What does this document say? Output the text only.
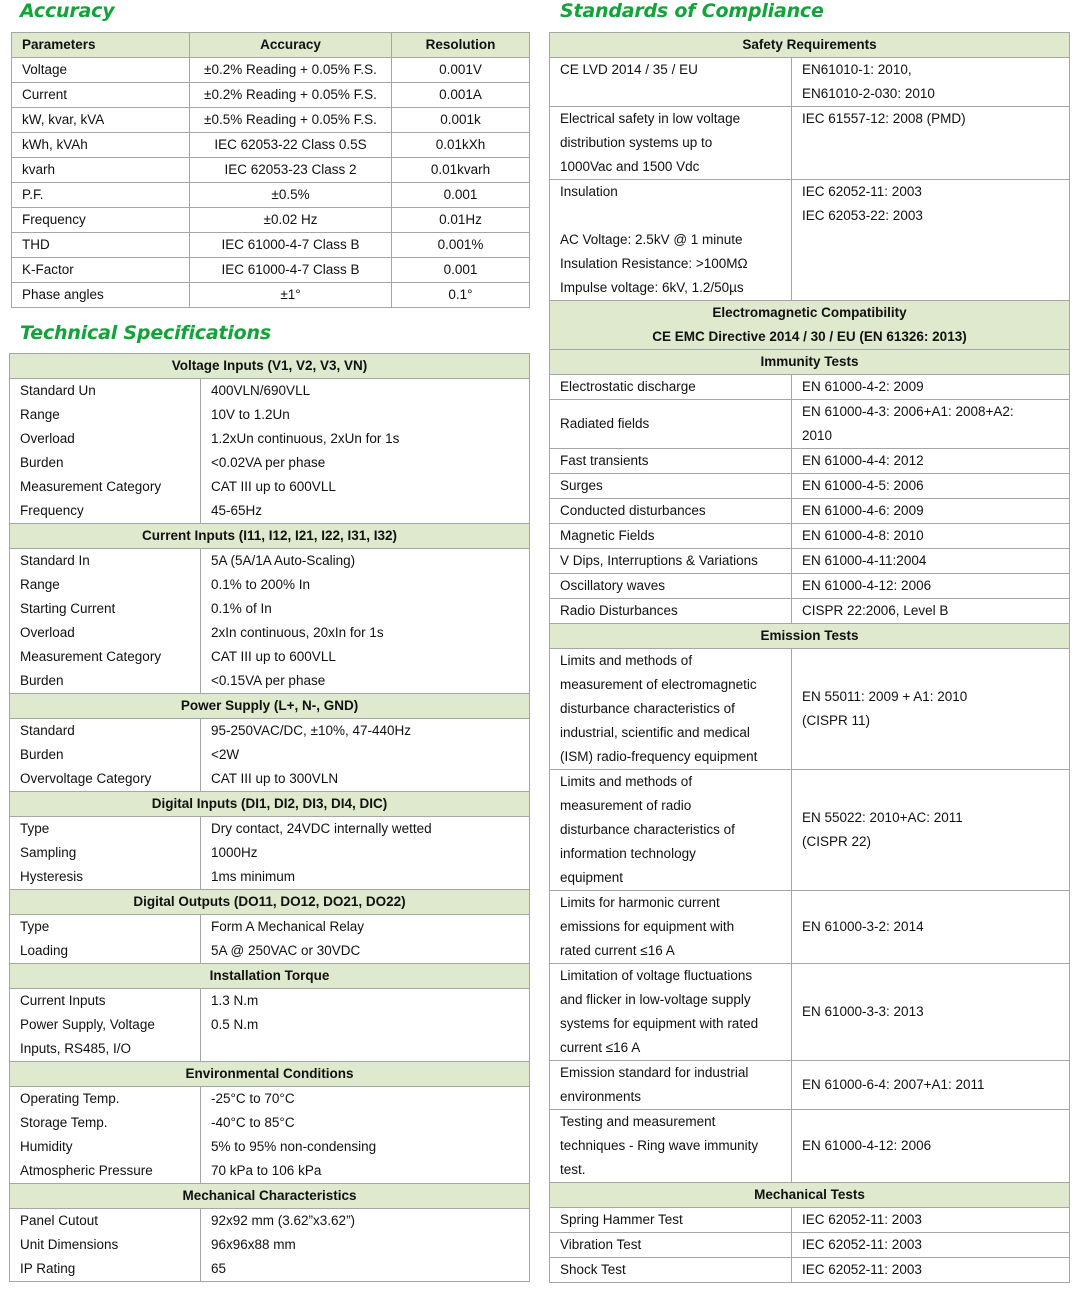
Accuracy
Parameters	Accuracy	Resolution
Voltage	±0.2% Reading + 0.05% F.S.	0.001V
Current	±0.2% Reading + 0.05% F.S.	0.001A
kW, kvar, kVA	±0.5% Reading + 0.05% F.S.	0.001k
kWh, kVAh	IEC 62053-22 Class 0.5S	0.01kXh
kvarh	IEC 62053-23 Class 2	0.01kvarh
P.F.	±0.5%	0.001
Frequency	±0.02 Hz	0.01Hz
THD	IEC 61000-4-7 Class B	0.001%
K-Factor	IEC 61000-4-7 Class B	0.001
Phase angles	±1°	0.1°
Technical Specifications
Voltage Inputs (V1, V2, V3, VN)	
Standard Un	400VLN/690VLL
Range	10V to 1.2Un
Overload	1.2xUn continuous, 2xUn for 1s
Burden	<0.02VA per phase
Measurement Category	CAT III up to 600VLL
Frequency	45-65Hz
Current Inputs (I11, I12, I21, I22, I31, I32)	
Standard In	5A (5A/1A Auto-Scaling)
Range	0.1% to 200% In
Starting Current	0.1% of In
Overload	2xIn continuous, 20xIn for 1s
Measurement Category	CAT III up to 600VLL
Burden	<0.15VA per phase
Power Supply (L+, N-, GND)	
Standard	95-250VAC/DC, ±10%, 47-440Hz
Burden	<2W
Overvoltage Category	CAT III up to 300VLN
Digital Inputs (DI1, DI2, DI3, DI4, DIC)	
Type	Dry contact, 24VDC internally wetted
Sampling	1000Hz
Hysteresis	1ms minimum
Digital Outputs (DO11, DO12, DO21, DO22)	
Type	Form A Mechanical Relay
Loading	5A @ 250VAC or 30VDC
Installation Torque	
Current Inputs	1.3 N.m
Power Supply, Voltage
Inputs, RS485, I/O	0.5 N.m
Environmental Conditions	
Operating Temp.	-25°C to 70°C
Storage Temp.	-40°C to 85°C
Humidity	5% to 95% non-condensing
Atmospheric Pressure	70 kPa to 106 kPa
Mechanical Characteristics	
Panel Cutout	92x92 mm (3.62”x3.62”)
Unit Dimensions	96x96x88 mm
IP Rating	65
Standards of Compliance
Safety Requirements	
CE LVD 2014 / 35 / EU	EN61010-1: 2010,
EN61010-2-030: 2010
Electrical safety in low voltage
distribution systems up to
1000Vac and 1500 Vdc	IEC 61557-12: 2008 (PMD)
Insulation

AC Voltage: 2.5kV @ 1 minute
Insulation Resistance: >100MΩ
Impulse voltage: 6kV, 1.2/50µs	IEC 62052-11: 2003
IEC 62053-22: 2003
Electromagnetic Compatibility
CE EMC Directive 2014 / 30 / EU (EN 61326: 2013)	
Immunity Tests	
Electrostatic discharge	EN 61000-4-2: 2009
Radiated fields	EN 61000-4-3: 2006+A1: 2008+A2:
2010
Fast transients	EN 61000-4-4: 2012
Surges	EN 61000-4-5: 2006
Conducted disturbances	EN 61000-4-6: 2009
Magnetic Fields	EN 61000-4-8: 2010
V Dips, Interruptions & Variations	EN 61000-4-11:2004
Oscillatory waves	EN 61000-4-12: 2006
Radio Disturbances	CISPR 22:2006, Level B
Emission Tests	
Limits and methods of
measurement of electromagnetic
disturbance characteristics of
industrial, scientific and medical
(ISM) radio-frequency equipment	EN 55011: 2009 + A1: 2010
(CISPR 11)
Limits and methods of
measurement of radio
disturbance characteristics of
information technology
equipment	EN 55022: 2010+AC: 2011
(CISPR 22)
Limits for harmonic current
emissions for equipment with
rated current ≤16 A	EN 61000-3-2: 2014
Limitation of voltage fluctuations
and flicker in low-voltage supply
systems for equipment with rated
current ≤16 A	EN 61000-3-3: 2013
Emission standard for industrial
environments	EN 61000-6-4: 2007+A1: 2011
Testing and measurement
techniques - Ring wave immunity
test.	EN 61000-4-12: 2006
Mechanical Tests	
Spring Hammer Test	IEC 62052-11: 2003
Vibration Test	IEC 62052-11: 2003
Shock Test	IEC 62052-11: 2003
